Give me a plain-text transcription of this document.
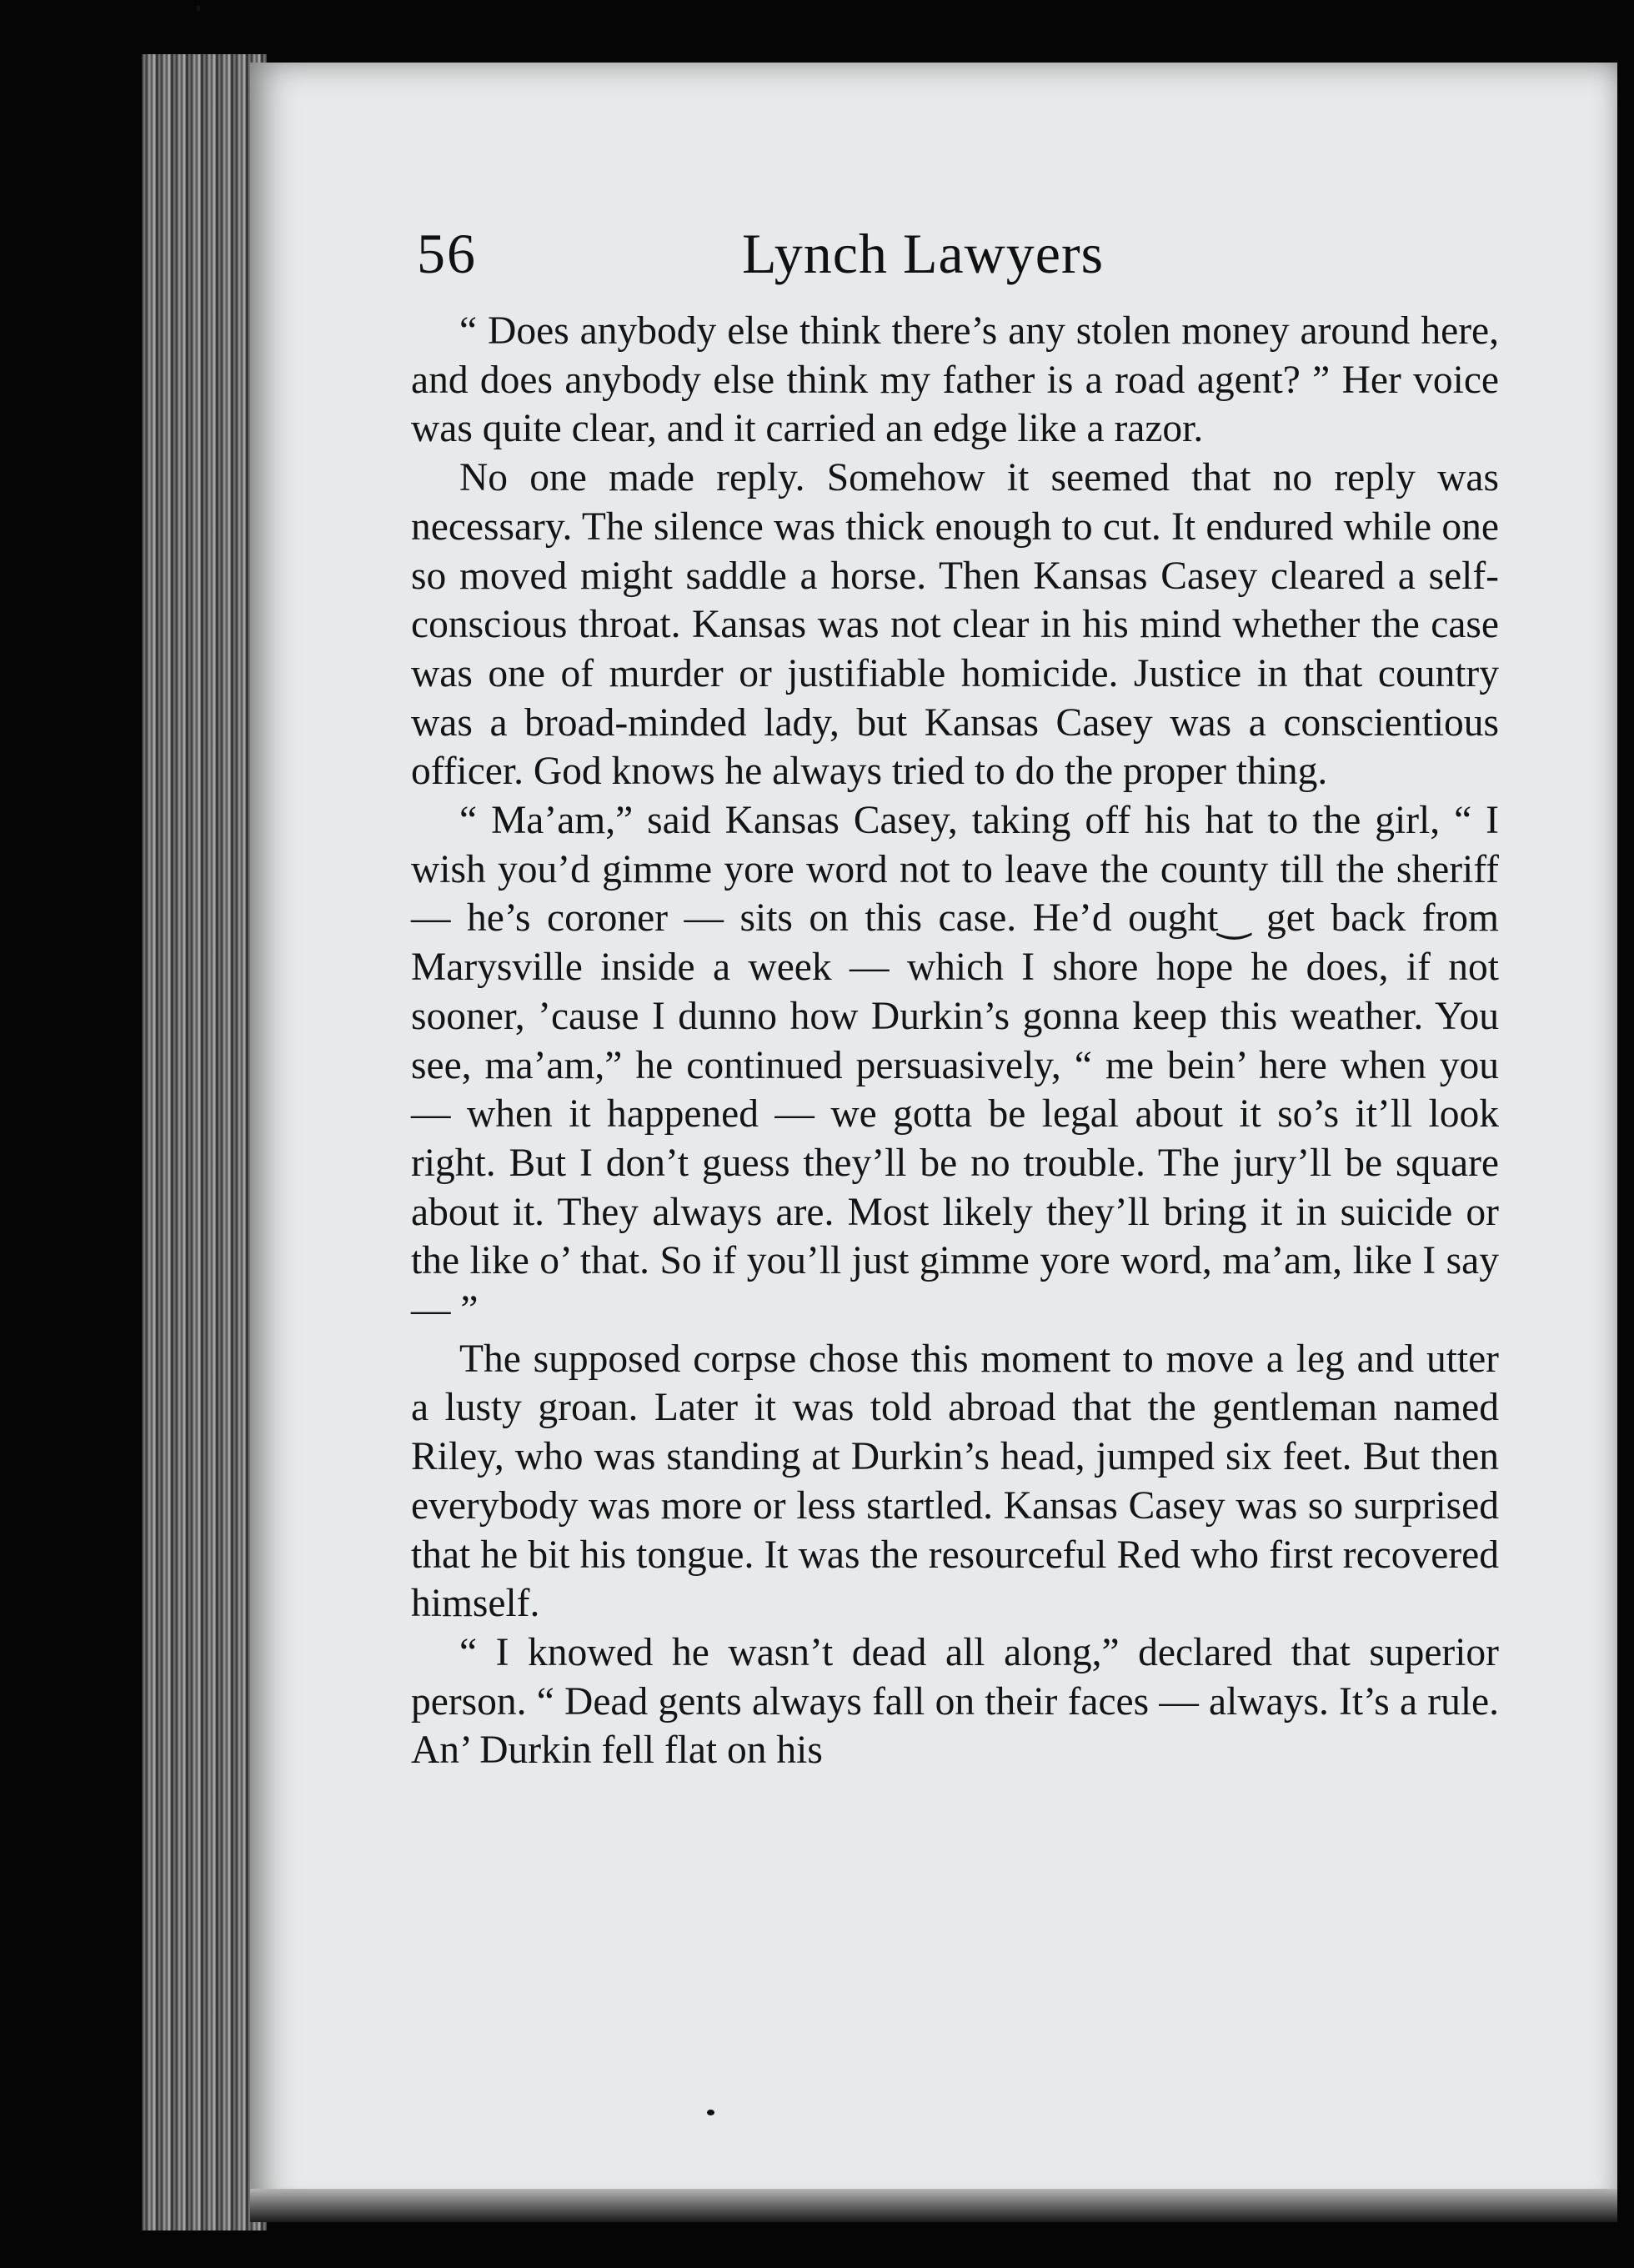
56	Lynch Lawyers

“ Does anybody else think there’s any stolen money around here, and does anybody else think my father is a road agent? ” Her voice was quite clear, and it carried an edge like a razor.

No one made reply. Somehow it seemed that no reply was necessary. The silence was thick enough to cut. It endured while one so moved might saddle a horse. Then Kansas Casey cleared a self-conscious throat. Kansas was not clear in his mind whether the case was one of murder or justifiable homicide. Justice in that country was a broad-minded lady, but Kansas Casey was a conscientious officer. God knows he always tried to do the proper thing.

“ Ma’am,” said Kansas Casey, taking off his hat to the girl, “ I wish you’d gimme yore word not to leave the county till the sheriff — he’s coroner — sits on this case. He’d ought‿ get back from Marysville inside a week — which I shore hope he does, if not sooner, ’cause I dunno how Durkin’s gonna keep this weather. You see, ma’am,” he continued persuasively, “ me bein’ here when you — when it happened — we gotta be legal about it so’s it’ll look right. But I don’t guess they’ll be no trouble. The jury’ll be square about it. They always are. Most likely they’ll bring it in suicide or the like o’ that. So if you’ll just gimme yore word, ma’am, like I say — ”

The supposed corpse chose this moment to move a leg and utter a lusty groan. Later it was told abroad that the gentleman named Riley, who was standing at Durkin’s head, jumped six feet. But then everybody was more or less startled. Kansas Casey was so surprised that he bit his tongue. It was the resourceful Red who first recovered himself.

“ I knowed he wasn’t dead all along,” declared that superior person. “ Dead gents always fall on their faces — always. It’s a rule. An’ Durkin fell flat on his
